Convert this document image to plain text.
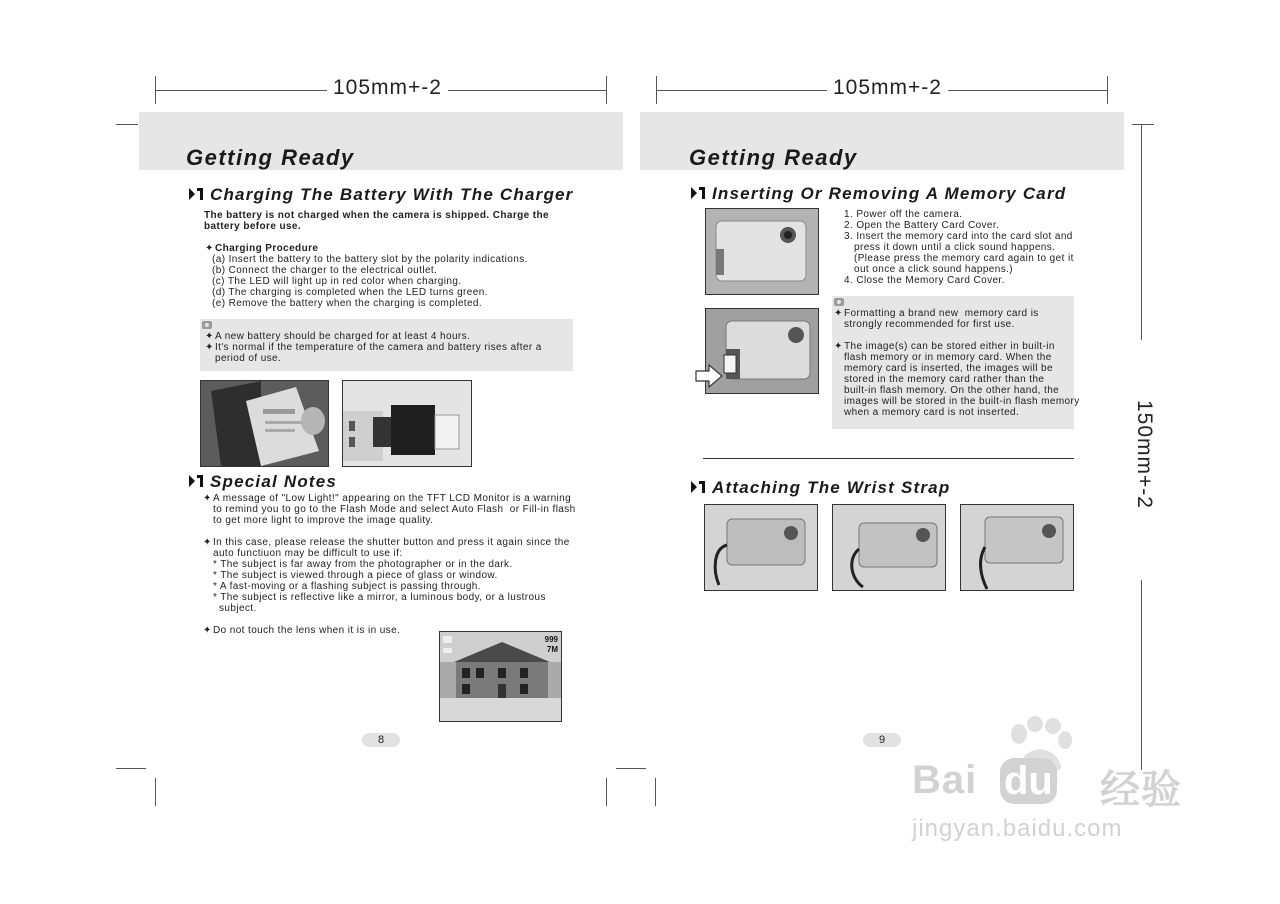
105mm+-2	105mm+-2
150mm+-2
Getting Ready
Charging The Battery With The Charger
The battery is not charged when the camera is shipped. Charge the
battery before use.
✦ Charging Procedure
(a) Insert the battery to the battery slot by the polarity indications.
(b) Connect the charger to the electrical outlet.
(c) The LED will light up in red color when charging.
(d) The charging is completed when the LED turns green.
(e) Remove the battery when the charging is completed.
✦ A new battery should be charged for at least 4 hours.
✦ It's normal if the temperature of the camera and battery rises after a
period of use.
Special Notes
✦ A message of "Low Light!" appearing on the TFT LCD Monitor is a warning
to remind you to go to the Flash Mode and select Auto Flash  or Fill-in flash
to get more light to improve the image quality.
✦ In this case, please release the shutter button and press it again since the
auto functiuon may be difficult to use if:
* The subject is far away from the photographer or in the dark.
* The subject is viewed through a piece of glass or window.
* A fast-moving or a flashing subject is passing through.
* The subject is reflective like a mirror, a luminous body, or a lustrous
subject.
✦ Do not touch the lens when it is in use.
999
7M
8
Getting Ready
Inserting Or Removing A Memory Card
1. Power off the camera.
2. Open the Battery Card Cover.
3. Insert the memory card into the card slot and
press it down until a click sound happens.
(Please press the memory card again to get it
out once a click sound happens.)
4. Close the Memory Card Cover.
✦ Formatting a brand new  memory card is
strongly recommended for first use.
✦ The image(s) can be stored either in built-in
flash memory or in memory card. When the
memory card is inserted, the images will be
stored in the memory card rather than the
built-in flash memory. On the other hand, the
images will be stored in the built-in flash memory
when a memory card is not inserted.
Attaching The Wrist Strap
9
Bai du 经验
jingyan.baidu.com
